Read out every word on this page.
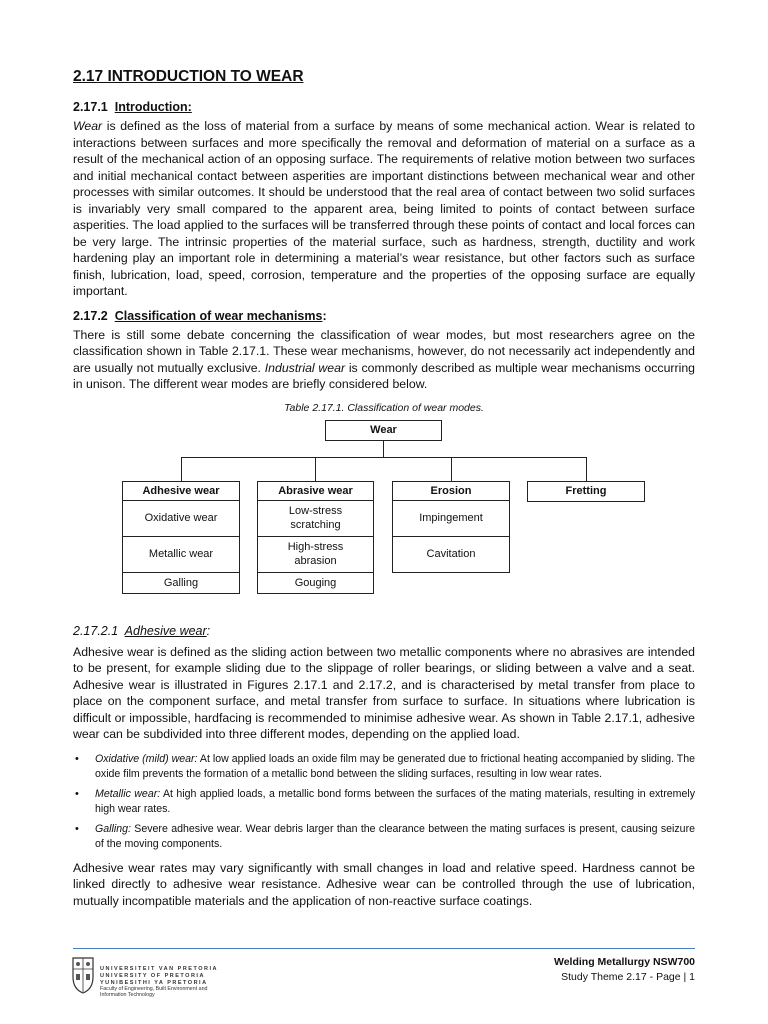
2.17 INTRODUCTION TO WEAR
2.17.1 Introduction:

Wear is defined as the loss of material from a surface by means of some mechanical action. Wear is related to interactions between surfaces and more specifically the removal and deformation of material on a surface as a result of the mechanical action of an opposing surface. The requirements of relative motion between two surfaces and initial mechanical contact between asperities are important distinctions between mechanical wear and other processes with similar outcomes. It should be understood that the real area of contact between two solid surfaces is invariably very small compared to the apparent area, being limited to points of contact between surface asperities. The load applied to the surfaces will be transferred through these points of contact and local forces can be very large. The intrinsic properties of the material surface, such as hardness, strength, ductility and work hardening play an important role in determining a material’s wear resistance, but other factors such as surface finish, lubrication, load, speed, corrosion, temperature and the properties of the opposing surface are equally important.

2.17.2 Classification of wear mechanisms:

There is still some debate concerning the classification of wear modes, but most researchers agree on the classification shown in Table 2.17.1. These wear mechanisms, however, do not necessarily act independently and are usually not mutually exclusive. Industrial wear is commonly described as multiple wear mechanisms occurring in unison. The different wear modes are briefly considered below.

Table 2.17.1. Classification of wear modes.
Wear
Adhesive wear
Oxidative wear
Metallic wear
Galling
Abrasive wear
Low-stress scratching
High-stress abrasion
Gouging
Erosion
Impingement
Cavitation
Fretting
2.17.2.1 Adhesive wear:

Adhesive wear is defined as the sliding action between two metallic components where no abrasives are intended to be present, for example sliding due to the slippage of roller bearings, or sliding between a valve and a seat. Adhesive wear is illustrated in Figures 2.17.1 and 2.17.2, and is characterised by metal transfer from place to place on the component surface, and metal transfer from surface to surface. In situations where lubrication is difficult or impossible, hardfacing is recommended to minimise adhesive wear. As shown in Table 2.17.1, adhesive wear can be subdivided into three different modes, depending on the applied load.

• Oxidative (mild) wear: At low applied loads an oxide film may be generated due to frictional heating accompanied by sliding. The oxide film prevents the formation of a metallic bond between the sliding surfaces, resulting in low wear rates.
• Metallic wear: At high applied loads, a metallic bond forms between the surfaces of the mating materials, resulting in extremely high wear rates.
• Galling: Severe adhesive wear. Wear debris larger than the clearance between the mating surfaces is present, causing seizure of the moving components.

Adhesive wear rates may vary significantly with small changes in load and relative speed. Hardness cannot be linked directly to adhesive wear resistance. Adhesive wear can be controlled through the use of lubrication, mutually incompatible materials and the application of non-reactive surface coatings.

UNIVERSITEIT VAN PRETORIA
UNIVERSITY OF PRETORIA
YUNIBESITHI YA PRETORIA
Faculty of Engineering, Built Environment and
Information Technology
Welding Metallurgy NSW700
Study Theme 2.17 - Page | 1
